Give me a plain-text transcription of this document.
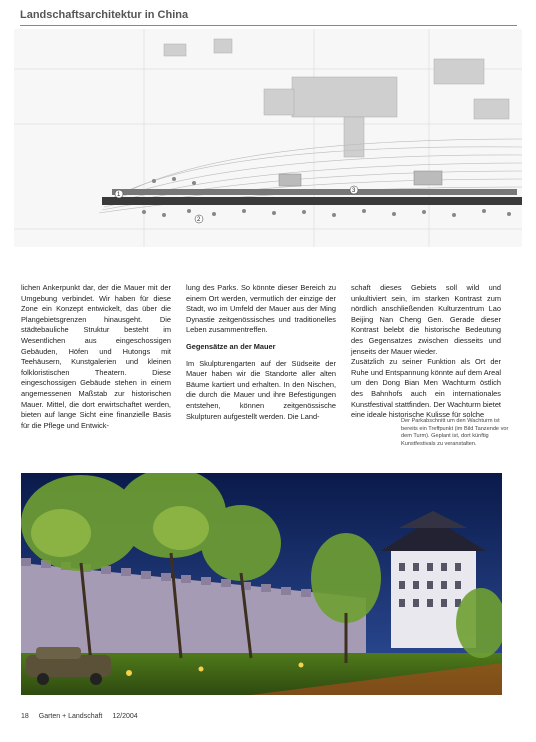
Landschaftsarchitektur in China
1
2
3

lichen Ankerpunkt dar, der die Mauer mit der Umgebung verbindet. Wir haben für diese Zone ein Konzept entwickelt, das über die Plangebietsgrenzen hinausgeht. Die städtebauliche Struktur besteht im Wesentlichen aus eingeschossigen Gebäuden, Höfen und Hutongs mit Teehäusern, Kunstgalerien und kleinen folkloristischen Theatern. Diese eingeschossigen Gebäude stehen in einem angemessenen Maßstab zur historischen Mauer. Mittel, die dort erwirtschaftet werden, bieten auf lange Sicht eine finanzielle Basis für die Pflege und Entwick-

lung des Parks. So könnte dieser Bereich zu einem Ort werden, vermutlich der einzige der Stadt, wo im Umfeld der Mauer aus der Ming Dynastie zeitgenössisches und traditionelles Leben zusammentreffen.

Gegensätze an der Mauer

Im Skulpturengarten auf der Südseite der Mauer haben wir die Standorte aller alten Bäume kartiert und erhalten. In den Nischen, die durch die Mauer und ihre Befestigungen entstehen, können zeitgenössische Skulpturen aufgestellt werden. Die Land-

schaft dieses Gebiets soll wild und unkultiviert sein, im starken Kontrast zum nördlich anschließenden Kulturzentrum Lao Beijing Nan Cheng Gen. Gerade dieser Kontrast belebt die historische Bedeutung des Gegensatzes zwischen diesseits und jenseits der Mauer wieder.

Zusätzlich zu seiner Funktion als Ort der Ruhe und Entspannung könnte auf dem Areal um den Dong Bian Men Wachturm östlich des Bahnhofs auch ein internationales Kunstfestival stattfinden. Der Wachturm bietet eine ideale historische Kulisse für solche

Der Parkabschnitt um den Wachturm ist bereits ein Treffpunkt (im Bild Tanzende vor dem Turm). Geplant ist, dort künftig Kunstfestivals zu veranstalten.
18 Garten + Landschaft 12/2004
